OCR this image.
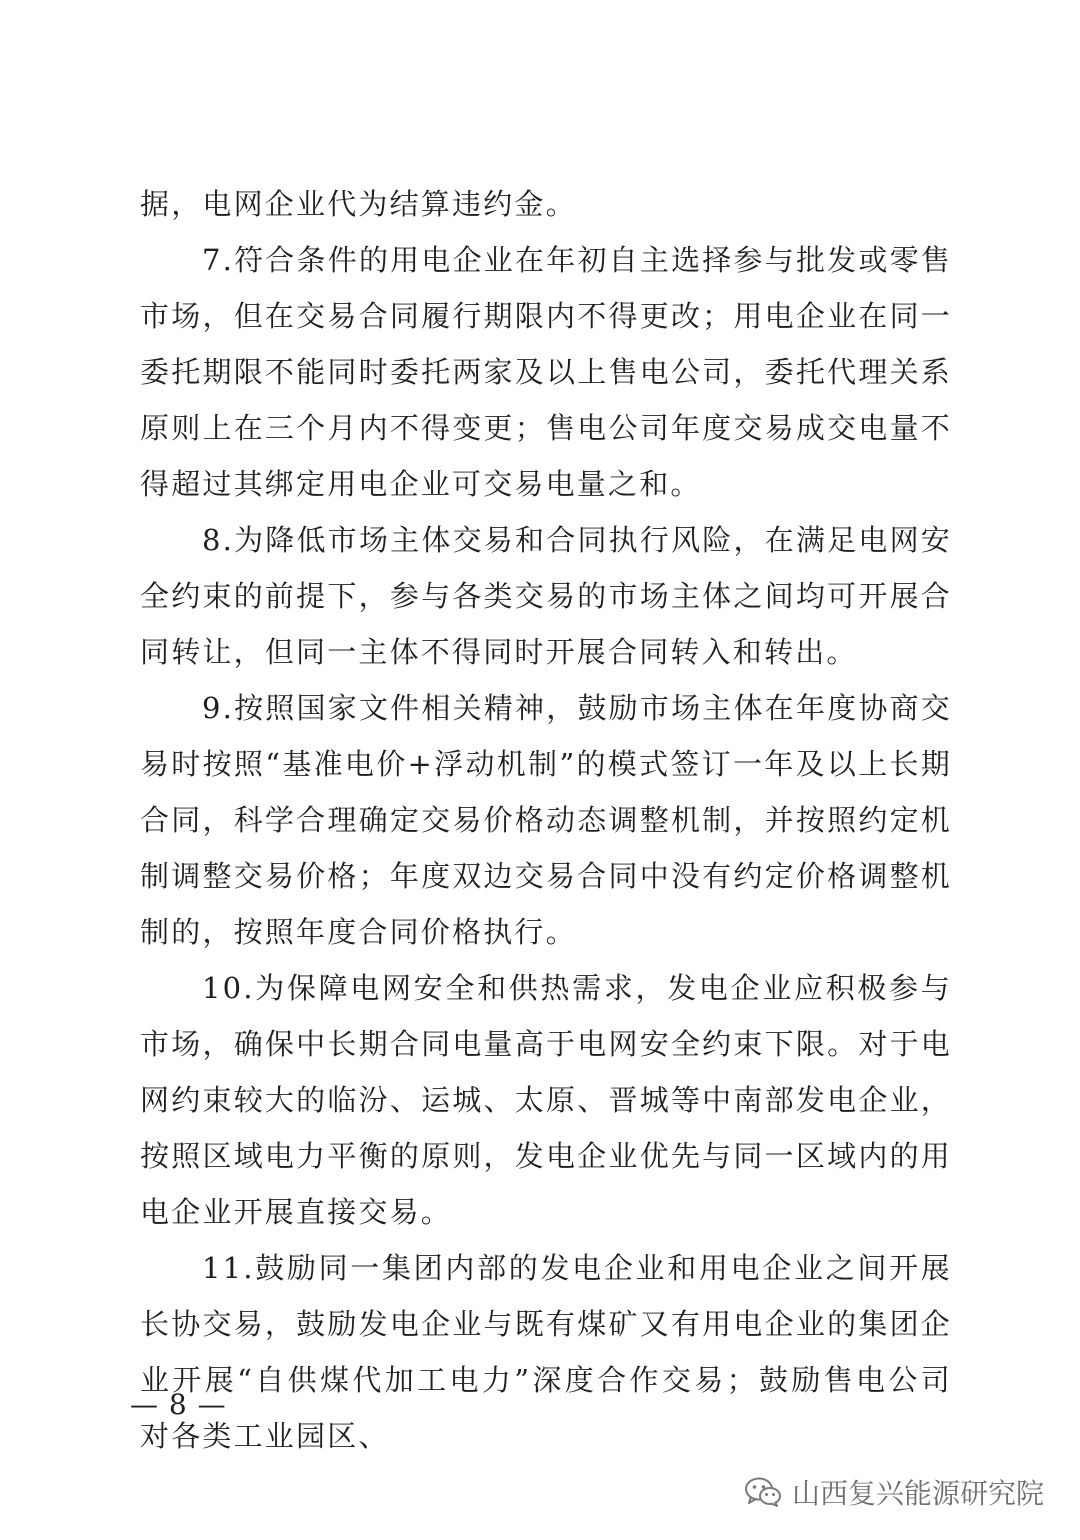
据，电网企业代为结算违约金。

7.符合条件的用电企业在年初自主选择参与批发或零售市场，但在交易合同履行期限内不得更改；用电企业在同一委托期限不能同时委托两家及以上售电公司，委托代理关系原则上在三个月内不得变更；售电公司年度交易成交电量不得超过其绑定用电企业可交易电量之和。

8.为降低市场主体交易和合同执行风险，在满足电网安全约束的前提下，参与各类交易的市场主体之间均可开展合同转让，但同一主体不得同时开展合同转入和转出。

9.按照国家文件相关精神，鼓励市场主体在年度协商交易时按照“基准电价+浮动机制”的模式签订一年及以上长期合同，科学合理确定交易价格动态调整机制，并按照约定机制调整交易价格；年度双边交易合同中没有约定价格调整机制的，按照年度合同价格执行。

10.为保障电网安全和供热需求，发电企业应积极参与市场，确保中长期合同电量高于电网安全约束下限。对于电网约束较大的临汾、运城、太原、晋城等中南部发电企业，按照区域电力平衡的原则，发电企业优先与同一区域内的用电企业开展直接交易。

11.鼓励同一集团内部的发电企业和用电企业之间开展长协交易，鼓励发电企业与既有煤矿又有用电企业的集团企业开展“自供煤代加工电力”深度合作交易；鼓励售电公司对各类工业园区、

— 8 —
山西复兴能源研究院
